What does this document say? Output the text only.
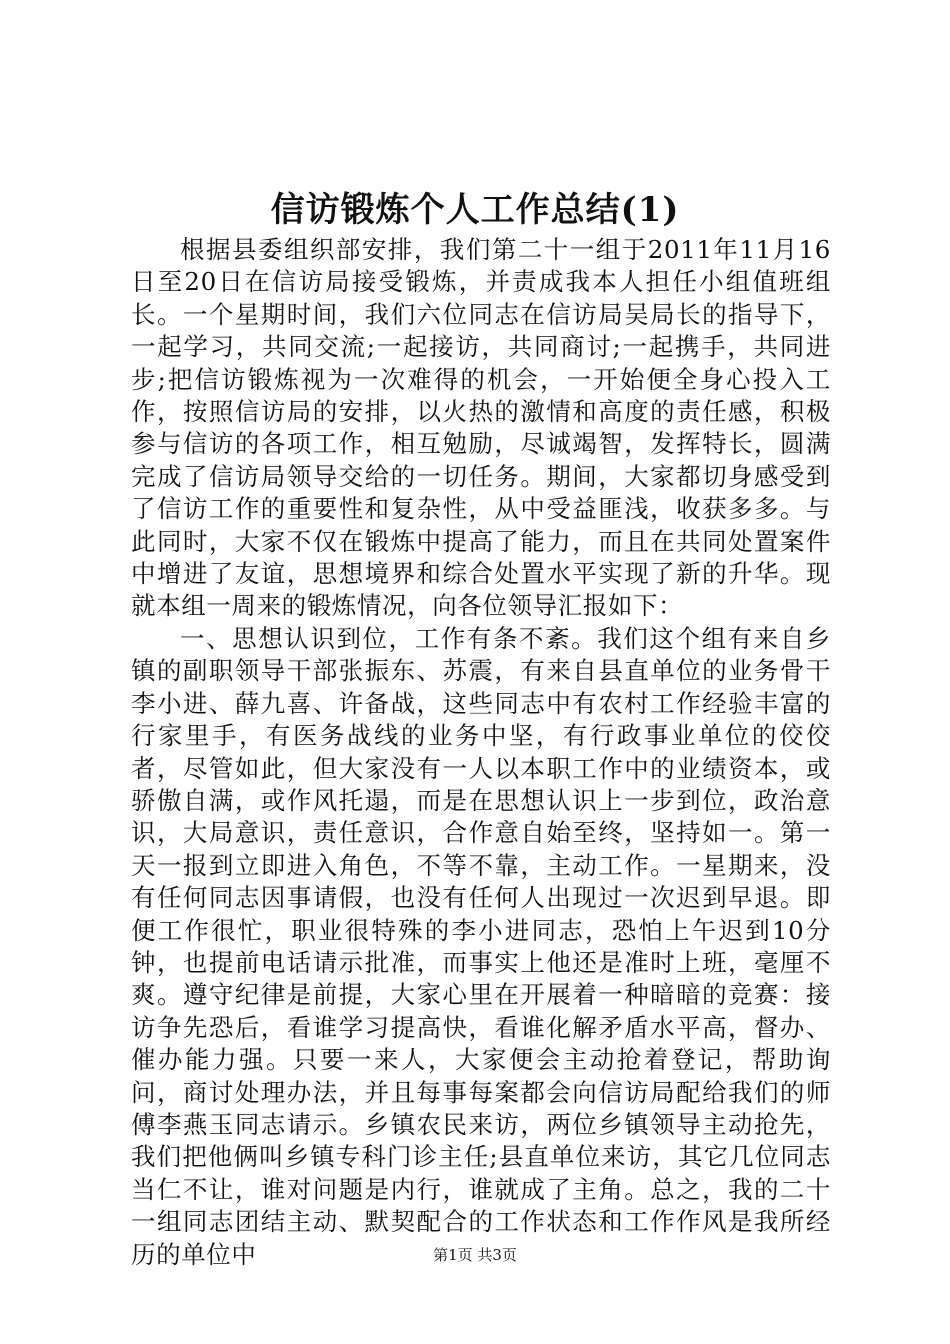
信访锻炼个人工作总结(1)

根据县委组织部安排，我们第二十一组于2011年11月16日至20日在信访局接受锻炼，并责成我本人担任小组值班组长。一个星期时间，我们六位同志在信访局吴局长的指导下，一起学习，共同交流;一起接访，共同商讨;一起携手，共同进步;把信访锻炼视为一次难得的机会，一开始便全身心投入工作，按照信访局的安排，以火热的激情和高度的责任感，积极参与信访的各项工作，相互勉励，尽诚竭智，发挥特长，圆满完成了信访局领导交给的一切任务。期间，大家都切身感受到了信访工作的重要性和复杂性，从中受益匪浅，收获多多。与此同时，大家不仅在锻炼中提高了能力，而且在共同处置案件中增进了友谊，思想境界和综合处置水平实现了新的升华。现就本组一周来的锻炼情况，向各位领导汇报如下：

一、思想认识到位，工作有条不紊。我们这个组有来自乡镇的副职领导干部张振东、苏震，有来自县直单位的业务骨干李小进、薛九喜、许备战，这些同志中有农村工作经验丰富的行家里手，有医务战线的业务中坚，有行政事业单位的佼佼者，尽管如此，但大家没有一人以本职工作中的业绩资本，或骄傲自满，或作风托遢，而是在思想认识上一步到位，政治意识，大局意识，责任意识，合作意自始至终，坚持如一。第一天一报到立即进入角色，不等不靠，主动工作。一星期来，没有任何同志因事请假，也没有任何人出现过一次迟到早退。即便工作很忙，职业很特殊的李小进同志，恐怕上午迟到10分钟，也提前电话请示批准，而事实上他还是准时上班，毫厘不爽。遵守纪律是前提，大家心里在开展着一种暗暗的竞赛：接访争先恐后，看谁学习提高快，看谁化解矛盾水平高，督办、催办能力强。只要一来人，大家便会主动抢着登记，帮助询问，商讨处理办法，并且每事每案都会向信访局配给我们的师傅李燕玉同志请示。乡镇农民来访，两位乡镇领导主动抢先，我们把他俩叫乡镇专科门诊主任;县直单位来访，其它几位同志当仁不让，谁对问题是内行，谁就成了主角。总之，我的二十一组同志团结主动、默契配合的工作状态和工作作风是我所经历的单位中	第1页 共3页
